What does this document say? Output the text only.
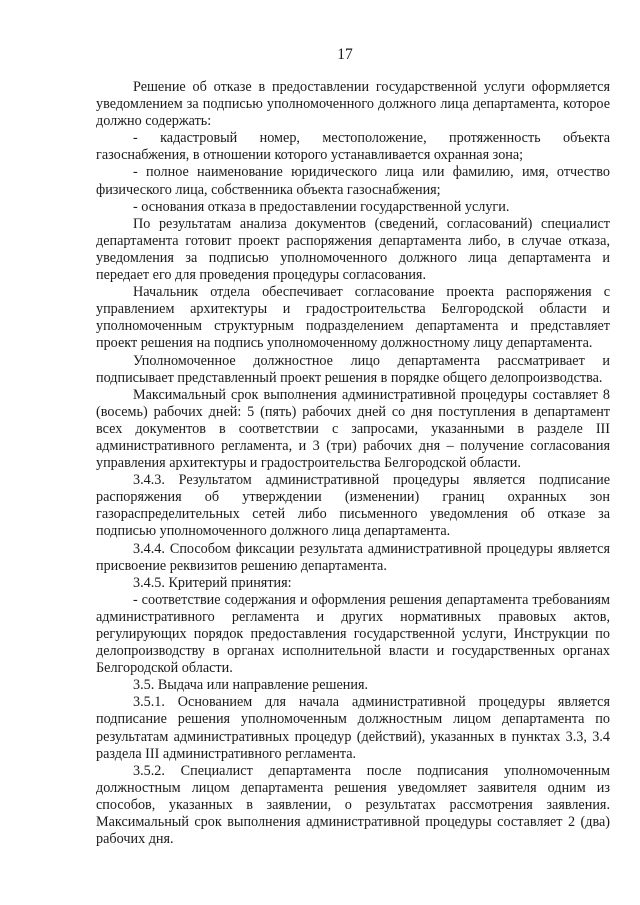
17

Решение об отказе в предоставлении государственной услуги оформляется уведомлением за подписью уполномоченного должного лица департамента, которое должно содержать:

- кадастровый номер, местоположение, протяженность объекта газоснабжения, в отношении которого устанавливается охранная зона;

- полное наименование юридического лица или фамилию, имя, отчество физического лица, собственника объекта газоснабжения;

- основания отказа в предоставлении государственной услуги.

По результатам анализа документов (сведений, согласований) специалист департамента готовит проект распоряжения департамента либо, в случае отказа, уведомления за подписью уполномоченного должного лица департамента и передает его для проведения процедуры согласования.

Начальник отдела обеспечивает согласование проекта распоряжения с управлением архитектуры и градостроительства Белгородской области и уполномоченным структурным подразделением департамента и представляет проект решения на подпись уполномоченному должностному лицу департамента.

Уполномоченное должностное лицо департамента рассматривает и подписывает представленный проект решения в порядке общего делопроизводства.

Максимальный срок выполнения административной процедуры составляет 8 (восемь) рабочих дней: 5 (пять) рабочих дней со дня поступления в департамент всех документов в соответствии с запросами, указанными в разделе III административного регламента, и 3 (три) рабочих дня – получение согласования управления архитектуры и градостроительства Белгородской области.

3.4.3. Результатом административной процедуры является подписание распоряжения об утверждении (изменении) границ охранных зон газораспределительных сетей либо письменного уведомления об отказе за подписью уполномоченного должного лица департамента.

3.4.4. Способом фиксации результата административной процедуры является присвоение реквизитов решению департамента.

3.4.5. Критерий принятия:

- соответствие содержания и оформления решения департамента требованиям административного регламента и других нормативных правовых актов, регулирующих порядок предоставления государственной услуги, Инструкции по делопроизводству в органах исполнительной власти и государственных органах Белгородской области.

3.5. Выдача или направление решения.

3.5.1. Основанием для начала административной процедуры является подписание решения уполномоченным должностным лицом департамента по результатам административных процедур (действий), указанных в пунктах 3.3, 3.4 раздела III административного регламента.

3.5.2. Специалист департамента после подписания уполномоченным должностным лицом департамента решения уведомляет заявителя одним из способов, указанных в заявлении, о результатах рассмотрения заявления. Максимальный срок выполнения административной процедуры составляет 2 (два) рабочих дня.
